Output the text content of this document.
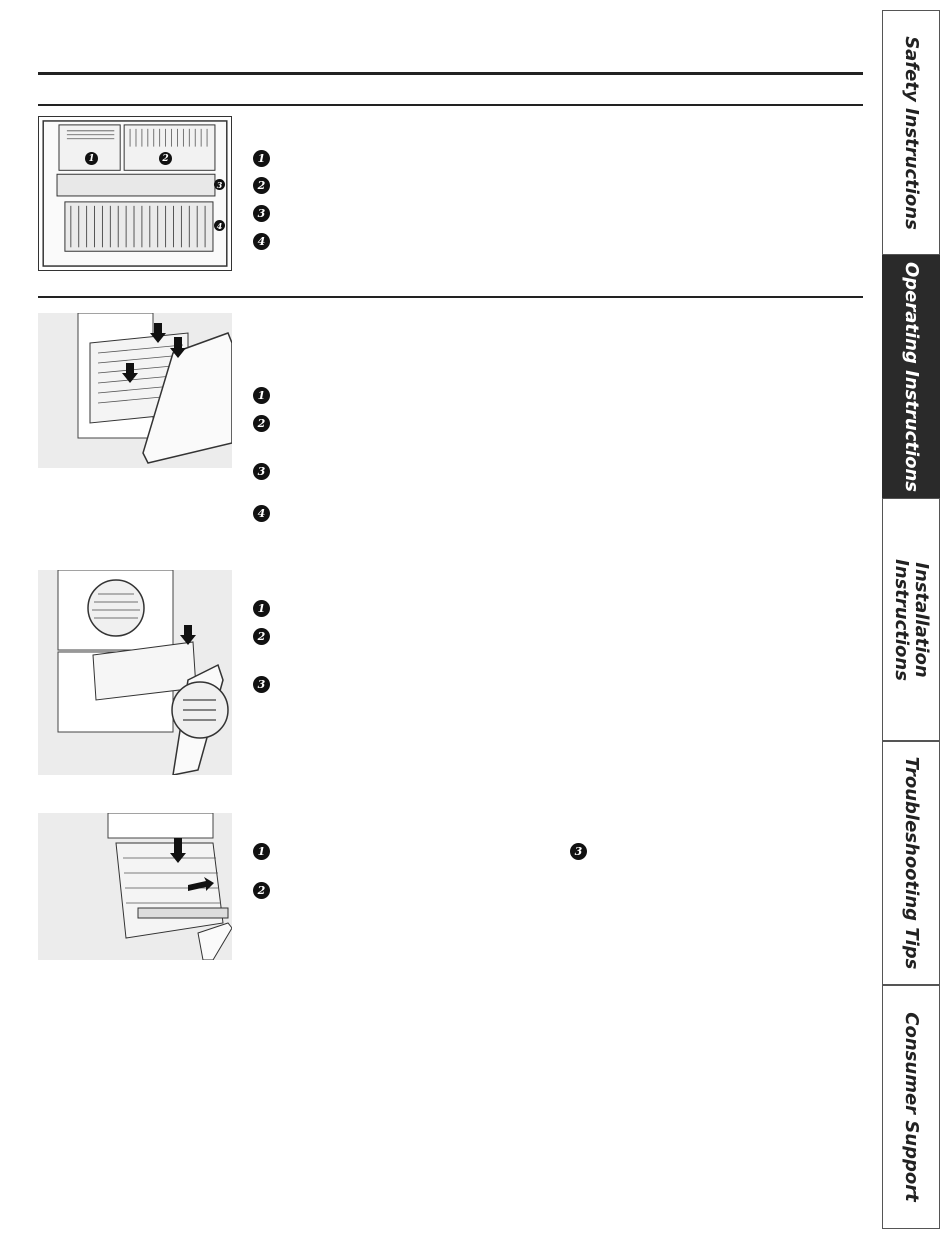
1	2
3
4
1
2
3
4
1
2
3
4
1
2
3
1	3
2
Safety Instructions
Operating Instructions
Installation
Instructions
Troubleshooting Tips
Consumer Support
